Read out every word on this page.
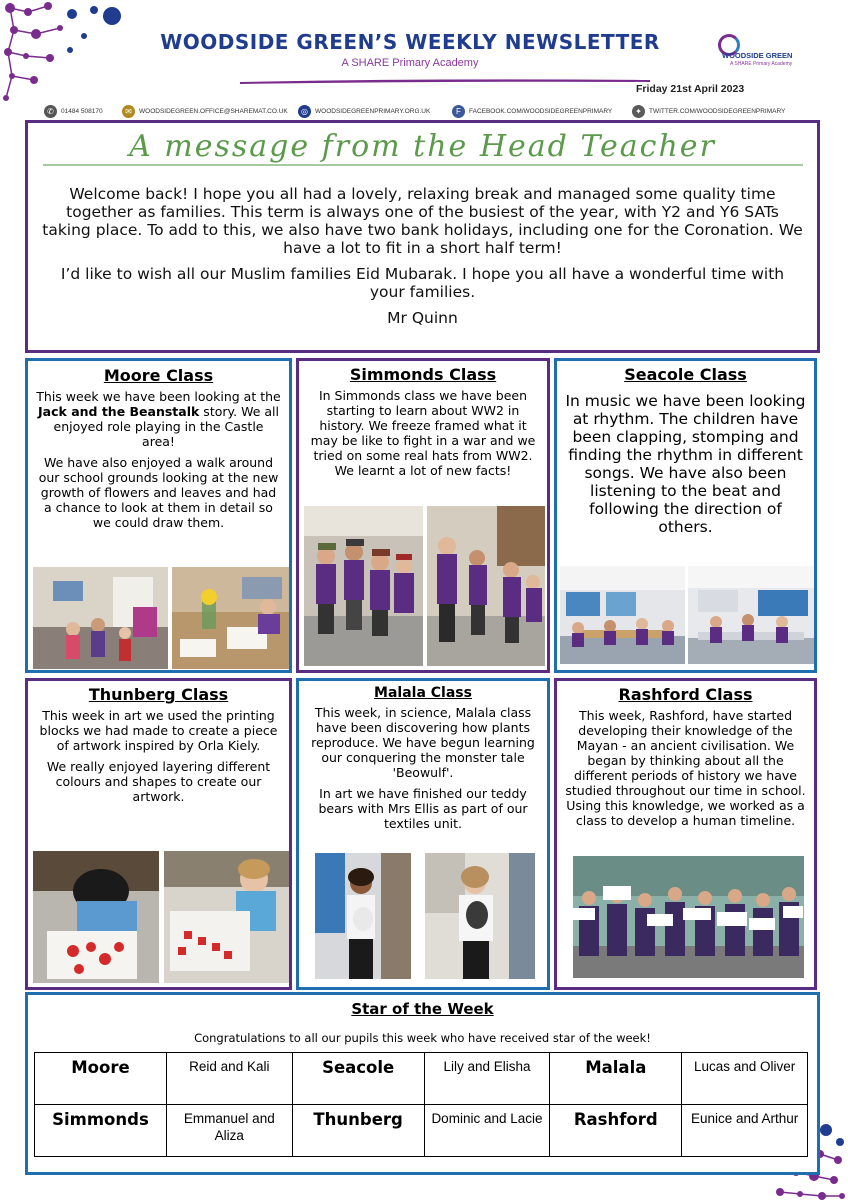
WOODSIDE GREEN’S WEEKLY NEWSLETTER
A SHARE Primary Academy
WOODSIDE GREEN
A SHARE Primary Academy
Friday 21st April 2023
✆	01484 508170	✉	WOODSIDEGREEN.OFFICE@SHAREMAT.CO.UK	◎	WOODSIDEGREENPRIMARY.ORG.UK	F	FACEBOOK.COM/WOODSIDEGREENPRIMARY	✦	TWITTER.COM/WOODSIDEGREENPRIMARY
A message from the Head Teacher

Welcome back! I hope you all had a lovely, relaxing break and managed some quality time together as families. This term is always one of the busiest of the year, with Y2 and Y6 SATs taking place. To add to this, we also have two bank holidays, including one for the Coronation. We have a lot to fit in a short half term!

I’d like to wish all our Muslim families Eid Mubarak. I hope you all have a wonderful time with your families.

Mr Quinn

Moore Class

This week we have been looking at the Jack and the Beanstalk story. We all enjoyed role playing in the Castle area!

We have also enjoyed a walk around our school grounds looking at the new growth of flowers and leaves and had a chance to look at them in detail so we could draw them.

Simmonds Class

In Simmonds class we have been starting to learn about WW2 in history. We freeze framed what it may be like to fight in a war and we tried on some real hats from WW2. We learnt a lot of new facts!

Seacole Class

In music we have been looking at rhythm. The children have been clapping, stomping and finding the rhythm in different songs. We have also been listening to the beat and following the direction of others.

Thunberg Class

This week in art we used the printing blocks we had made to create a piece of artwork inspired by Orla Kiely.

We really enjoyed layering different colours and shapes to create our artwork.

Malala Class

This week, in science, Malala class have been discovering how plants reproduce. We have begun learning our conquering the monster tale 'Beowulf'.

In art we have finished our teddy bears with Mrs Ellis as part of our textiles unit.

Rashford Class

This week, Rashford, have started developing their knowledge of the Mayan - an ancient civilisation. We began by thinking about all the different periods of history we have studied throughout our time in school. Using this knowledge, we worked as a class to develop a human timeline.

Star of the Week
Congratulations to all our pupils this week who have received star of the week!
Moore	Reid and Kali	Seacole	Lily and Elisha	Malala	Lucas and Oliver
Simmonds	Emmanuel and Aliza	Thunberg	Dominic and Lacie	Rashford	Eunice and Arthur
